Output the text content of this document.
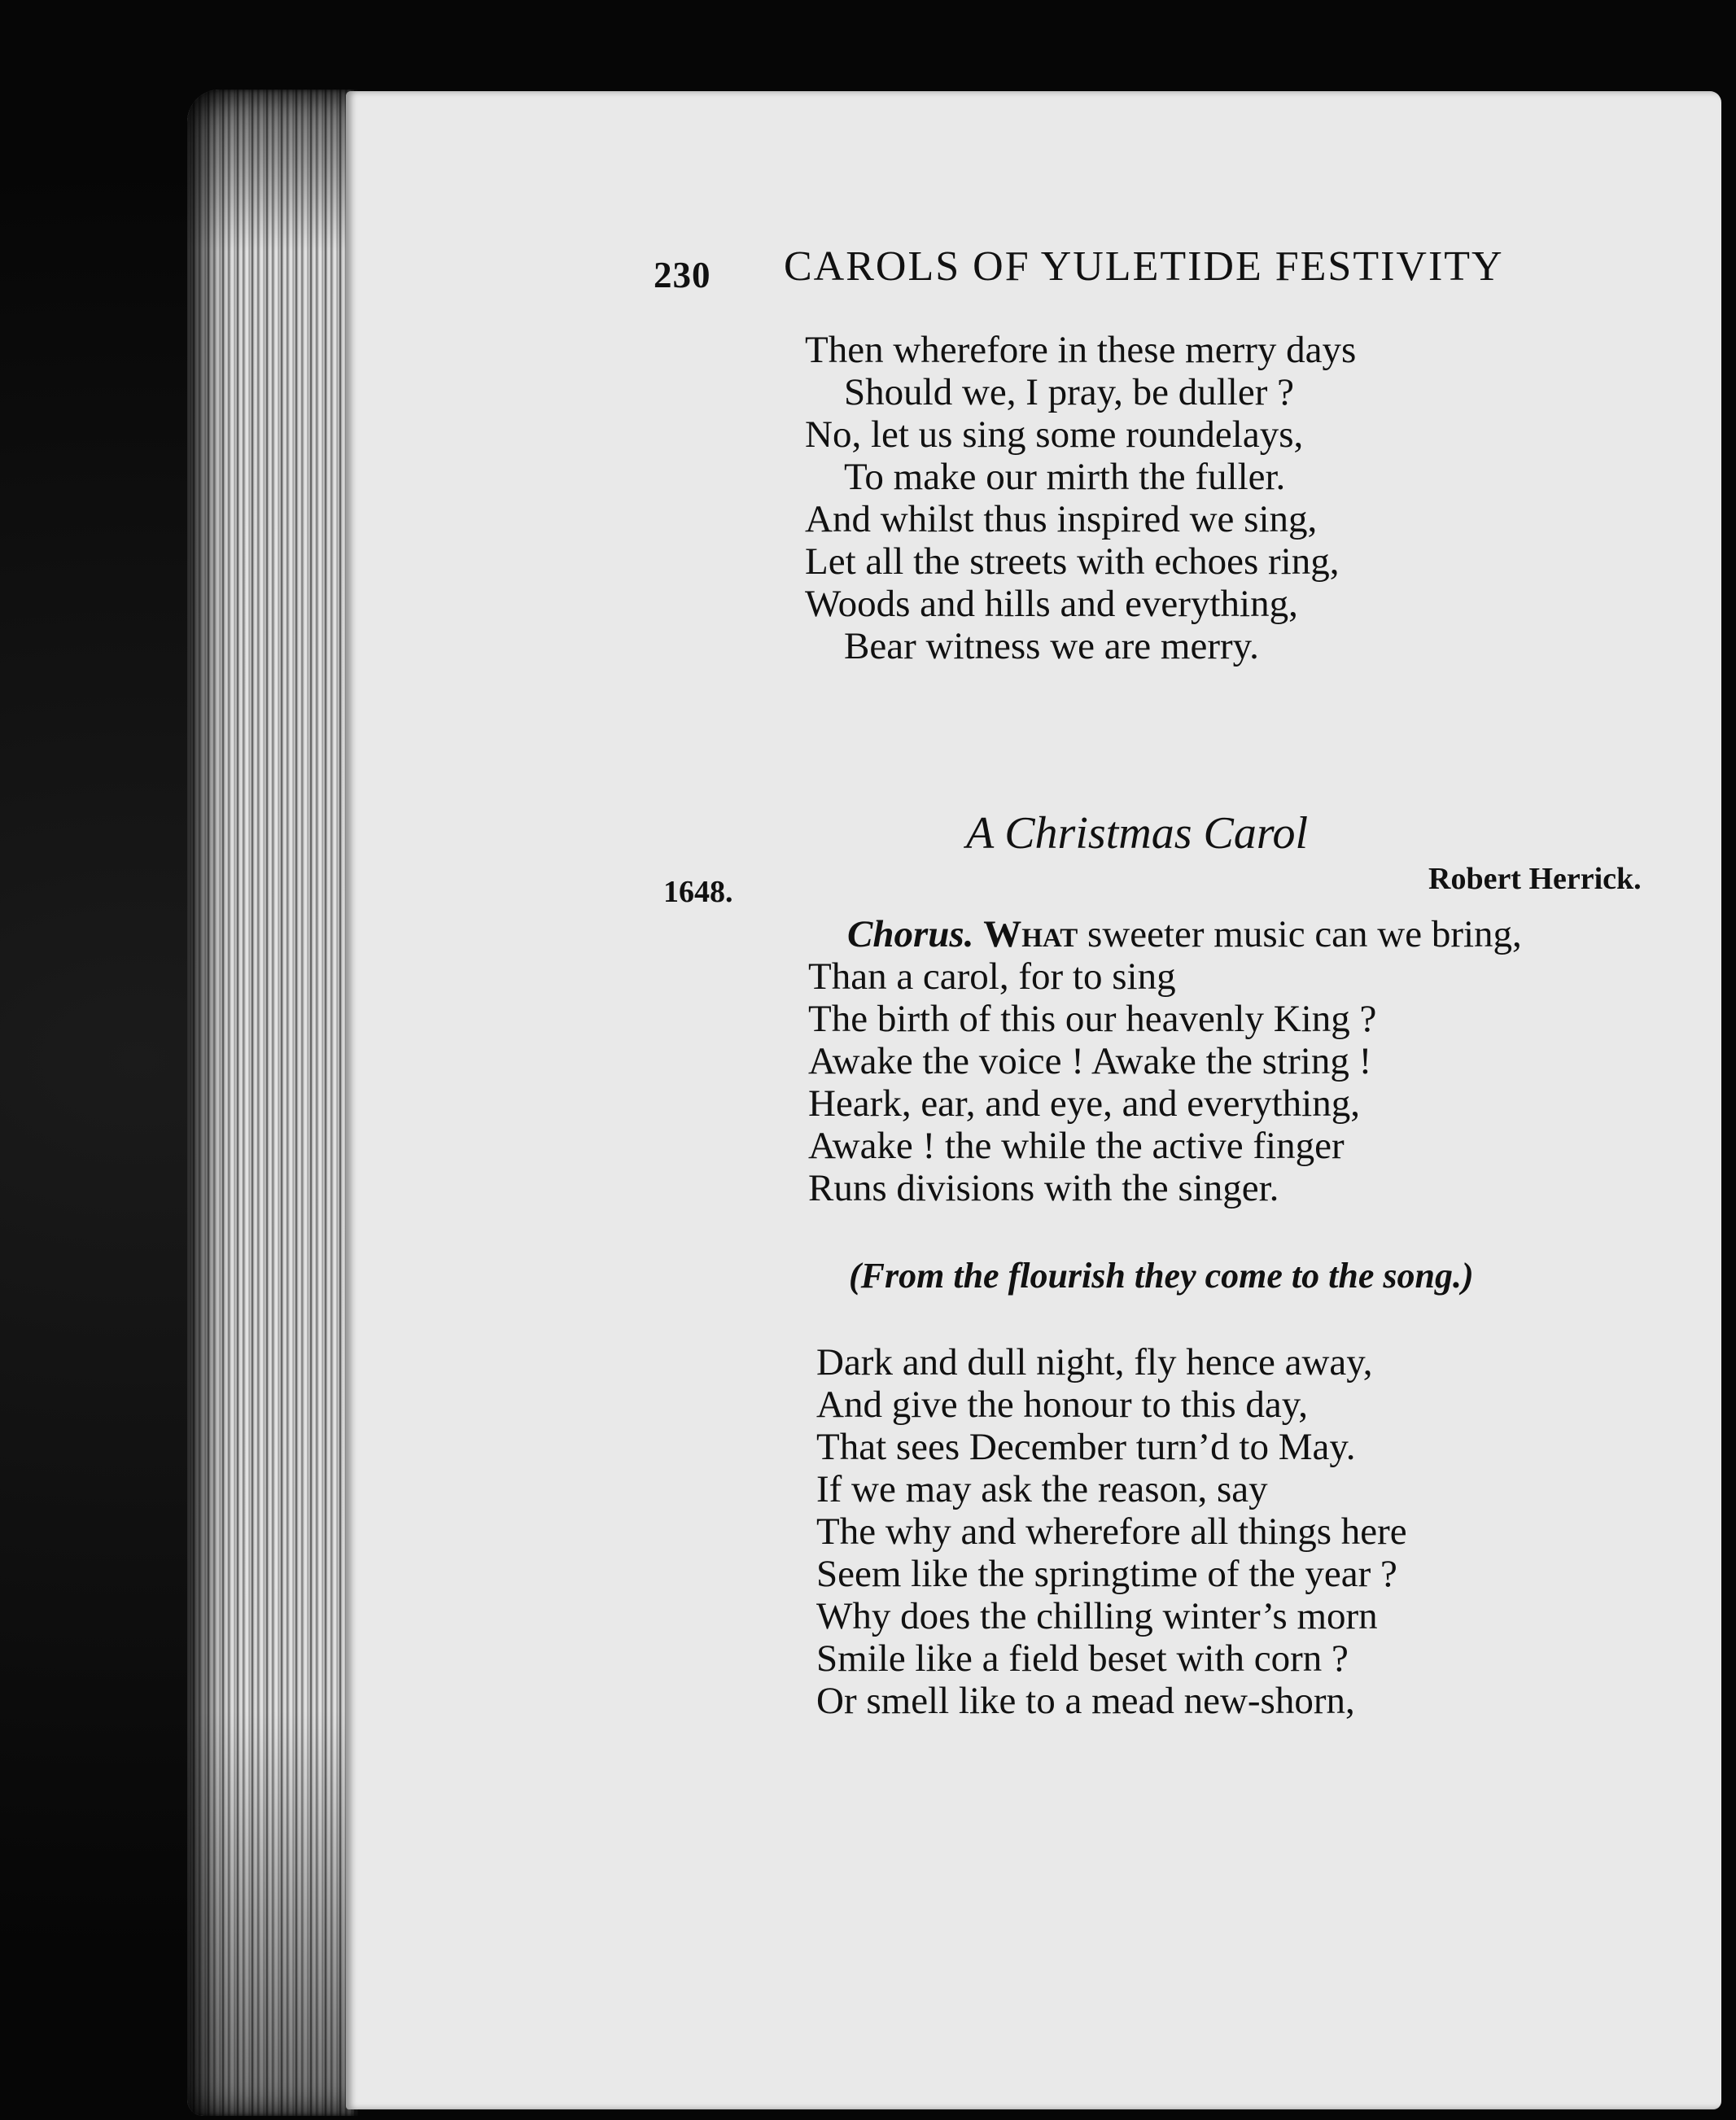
230 CAROLS OF YULETIDE FESTIVITY
Then wherefore in these merry days
Should we, I pray, be duller ?
No, let us sing some roundelays,
To make our mirth the fuller.
And whilst thus inspired we sing,
Let all the streets with echoes ring,
Woods and hills and everything,
Bear witness we are merry.
A Christmas Carol
1648.	Robert Herrick.
Chorus. What sweeter music can we bring,
Than a carol, for to sing
The birth of this our heavenly King ?
Awake the voice ! Awake the string !
Heark, ear, and eye, and everything,
Awake ! the while the active finger
Runs divisions with the singer.
(From the flourish they come to the song.)
Dark and dull night, fly hence away,
And give the honour to this day,
That sees December turn’d to May.
If we may ask the reason, say
The why and wherefore all things here
Seem like the springtime of the year ?
Why does the chilling winter’s morn
Smile like a field beset with corn ?
Or smell like to a mead new-shorn,
